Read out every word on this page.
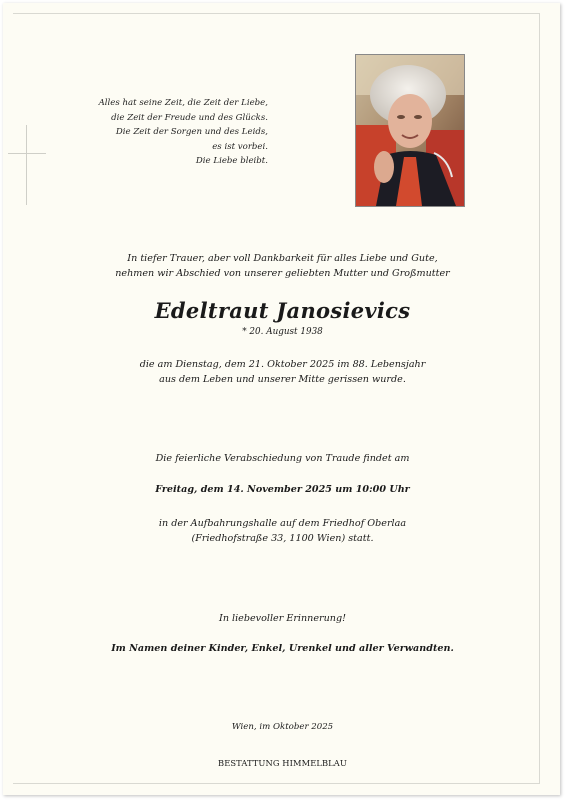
Alles hat seine Zeit, die Zeit der Liebe,
die Zeit der Freude und des Glücks.
Die Zeit der Sorgen und des Leids,
es ist vorbei.
Die Liebe bleibt.
In tiefer Trauer, aber voll Dankbarkeit für alles Liebe und Gute,
nehmen wir Abschied von unserer geliebten Mutter und Großmutter
Edeltraut Janosievics
* 20. August 1938
die am Dienstag, dem 21. Oktober 2025 im 88. Lebensjahr
aus dem Leben und unserer Mitte gerissen wurde.
Die feierliche Verabschiedung von Traude findet am
Freitag, dem 14. November 2025 um 10:00 Uhr
in der Aufbahrungshalle auf dem Friedhof Oberlaa
(Friedhofstraße 33, 1100 Wien) statt.
In liebevoller Erinnerung!
Im Namen deiner Kinder, Enkel, Urenkel und aller Verwandten.
Wien, im Oktober 2025
BESTATTUNG HIMMELBLAU
